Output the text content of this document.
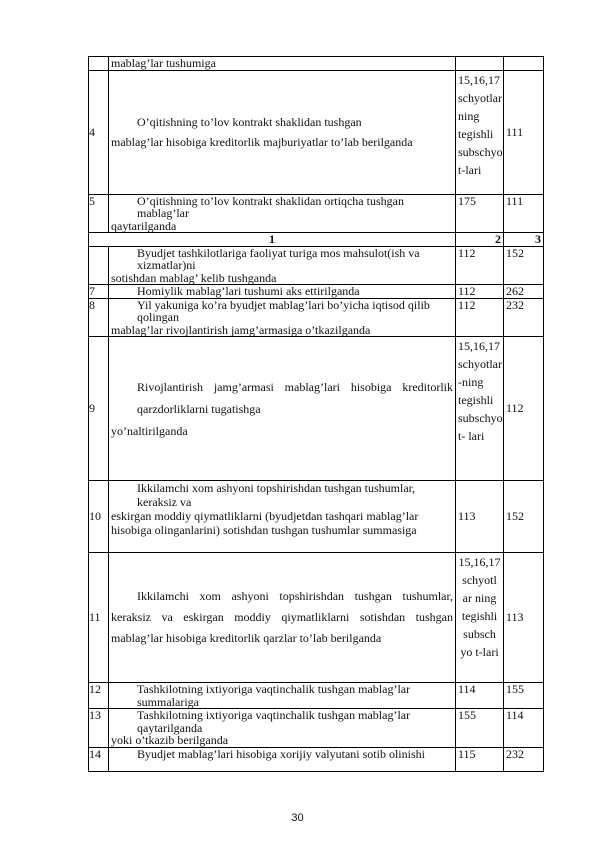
	mablag’lar tushumiga		
4	O’qitishning to’lov kontrakt shaklidan tushgan
mablag’lar hisobiga kreditorlik majburiyatlar to’lab berilganda	15,16,17 schyotlar ning tegishli subschyo t-lari	111
5	O’qitishning to’lov kontrakt shaklidan ortiqcha tushgan mablag’lar
qaytarilganda	175	111
1		2	3

	Byudjet tashkilotlariga faoliyat turiga mos mahsulot(ish va xizmatlar)ni
sotishdan mablag’ kelib tushganda	112	152
7	Homiylik mablag’lari tushumi aks ettirilganda	112	262
8	Yil yakuniga ko’ra byudjet mablag’lari bo’yicha iqtisod qilib qolingan
mablag’lar rivojlantirish jamg’armasiga o’tkazilganda	112	232
9	Rivojlantirish jamg’armasi mablag’lari hisobiga kreditorlik qarzdorliklarni tugatishga
yo’naltirilganda	15,16,17 schyotlar -ning tegishli subschyo t- lari	112
10	Ikkilamchi xom ashyoni topshirishdan tushgan tushumlar, keraksiz va
eskirgan moddiy qiymatliklarni (byudjetdan tashqari mablag’lar hisobiga olinganlarini) sotishdan tushgan tushumlar summasiga	113	152
11	Ikkilamchi xom ashyoni topshirishdan tushgan tushumlar, keraksiz va eskirgan moddiy qiymatliklarni sotishdan tushgan mablag’lar hisobiga kreditorlik qarzlar to’lab berilganda	15,16,17 schyotl ar ning tegishli subsch yo t-lari	113
12	Tashkilotning ixtiyoriga vaqtinchalik tushgan mablag’lar summalariga	114	155
13	Tashkilotning ixtiyoriga vaqtinchalik tushgan mablag’lar qaytarilganda
yoki o’tkazib berilganda	155	114
14	Byudjet mablag’lari hisobiga xorijiy valyutani sotib olinishi	115	232
30
